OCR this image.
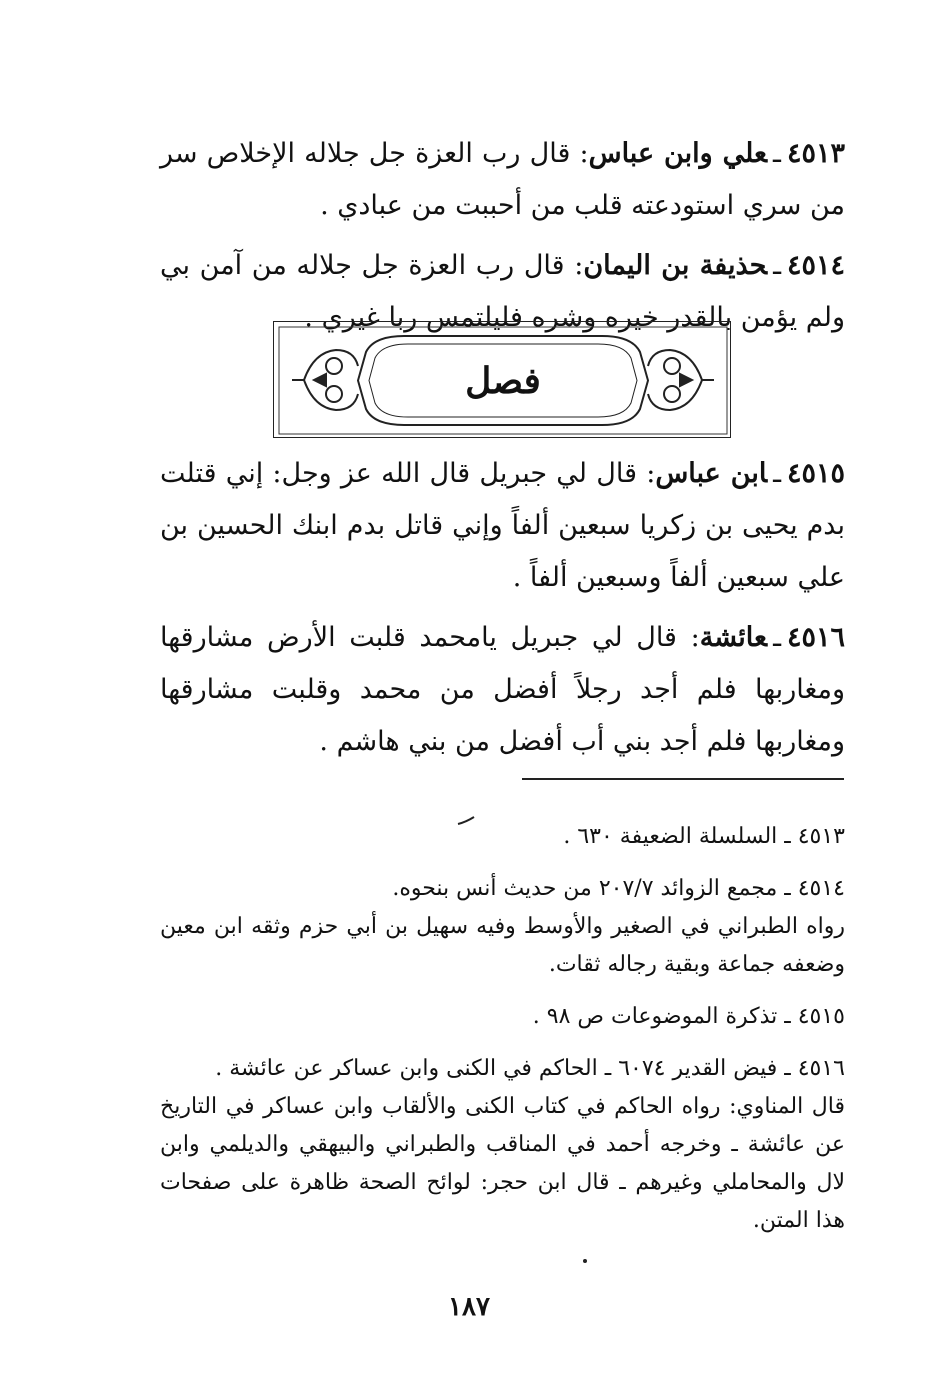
٤٥١٣ـعلي وابن عباس: قال رب العزة جل جلاله الإخلاص سر من سري استودعته قلب من أحببت من عبادي .

٤٥١٤ـحذيفة بن اليمان: قال رب العزة جل جلاله من آمن بي ولم يؤمن بالقدر خيره وشره فليلتمس ربا غيري .

فصل

٤٥١٥ـابن عباس: قال لي جبريل قال الله عز وجل: إني قتلت بدم يحيى بن زكريا سبعين ألفاً وإني قاتل بدم ابنك الحسين بن علي سبعين ألفاً وسبعين ألفاً .

٤٥١٦ـعائشة: قال لي جبريل يامحمد قلبت الأرض مشارقها ومغاربها فلم أجد رجلاً أفضل من محمد وقلبت مشارقها ومغاربها فلم أجد بني أب أفضل من بني هاشم .

٤٥١٣ ـ السلسلة الضعيفة ٦٣٠ .

٤٥١٤ ـ مجمع الزوائد ٢٠٧/٧ من حديث أنس بنحوه.
رواه الطبراني في الصغير والأوسط وفيه سهيل بن أبي حزم وثقه ابن معين وضعفه جماعة وبقية رجاله ثقات.

٤٥١٥ ـ تذكرة الموضوعات ص ٩٨ .

٤٥١٦ ـ فيض القدير ٦٠٧٤ ـ الحاكم في الكنى وابن عساكر عن عائشة .
قال المناوي: رواه الحاكم في كتاب الكنى والألقاب وابن عساكر في التاريخ عن عائشة ـ وخرجه أحمد في المناقب والطبراني والبيهقي والديلمي وابن لال والمحاملي وغيرهم ـ قال ابن حجر: لوائح الصحة ظاهرة على صفحات هذا المتن.

١٨٧
